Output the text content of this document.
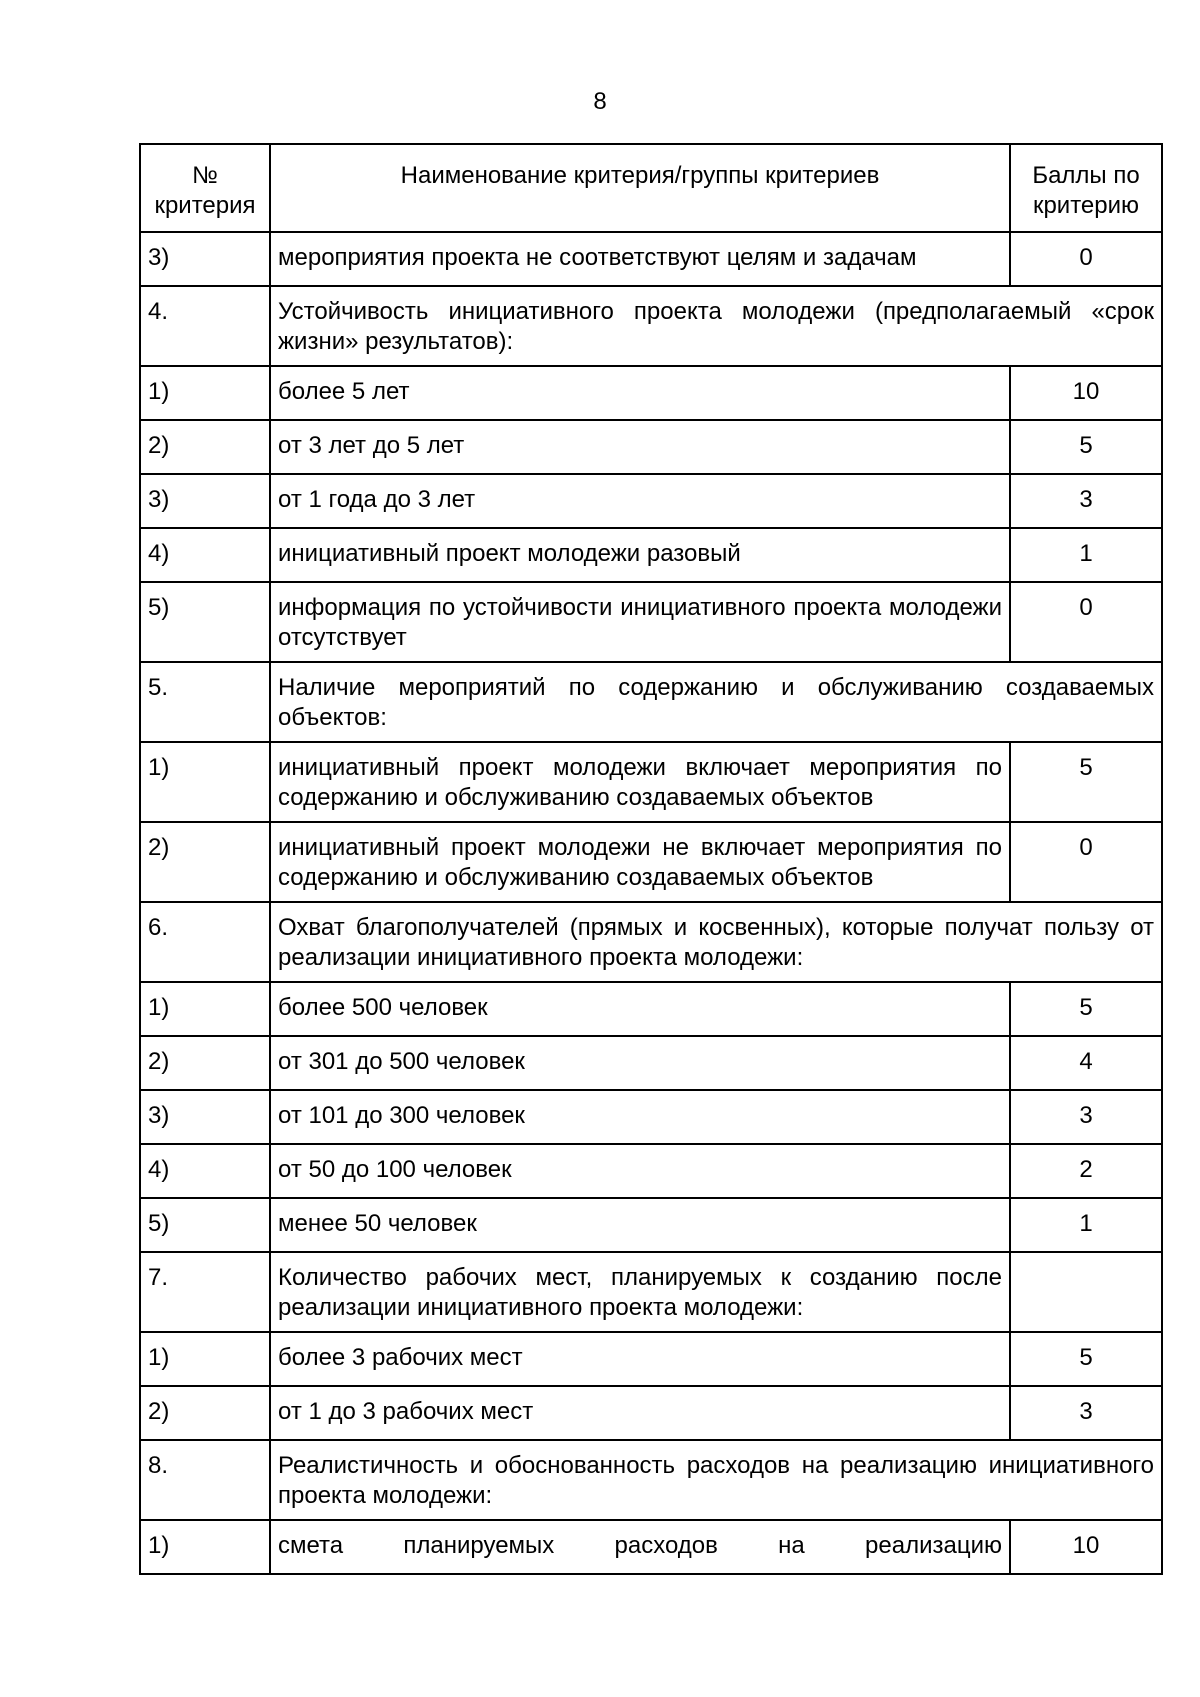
8
№ критерия	Наименование критерия/группы критериев	Баллы по критерию
3)	мероприятия проекта не соответствуют целям и задачам	0
4.	Устойчивость инициативного проекта молодежи (предполагаемый «срок жизни» результатов):	
1)	более 5 лет	10
2)	от 3 лет до 5 лет	5
3)	от 1 года до 3 лет	3
4)	инициативный проект молодежи разовый	1
5)	информация по устойчивости инициативного проекта молодежи отсутствует	0
5.	Наличие мероприятий по содержанию и обслуживанию создаваемых объектов:	
1)	инициативный проект молодежи включает мероприятия по содержанию и обслуживанию создаваемых объектов	5
2)	инициативный проект молодежи не включает мероприятия по содержанию и обслуживанию создаваемых объектов	0
6.	Охват благополучателей (прямых и косвенных), которые получат пользу от реализации инициативного проекта молодежи:	
1)	более 500 человек	5
2)	от 301 до 500 человек	4
3)	от 101 до 300 человек	3
4)	от 50 до 100 человек	2
5)	менее 50 человек	1
7.	Количество рабочих мест, планируемых к созданию после реализации инициативного проекта молодежи:	
1)	более 3 рабочих мест	5
2)	от 1 до 3 рабочих мест	3
8.	Реалистичность и обоснованность расходов на реализацию инициативного проекта молодежи:	
1)	смета планируемых расходов на реализацию	10
